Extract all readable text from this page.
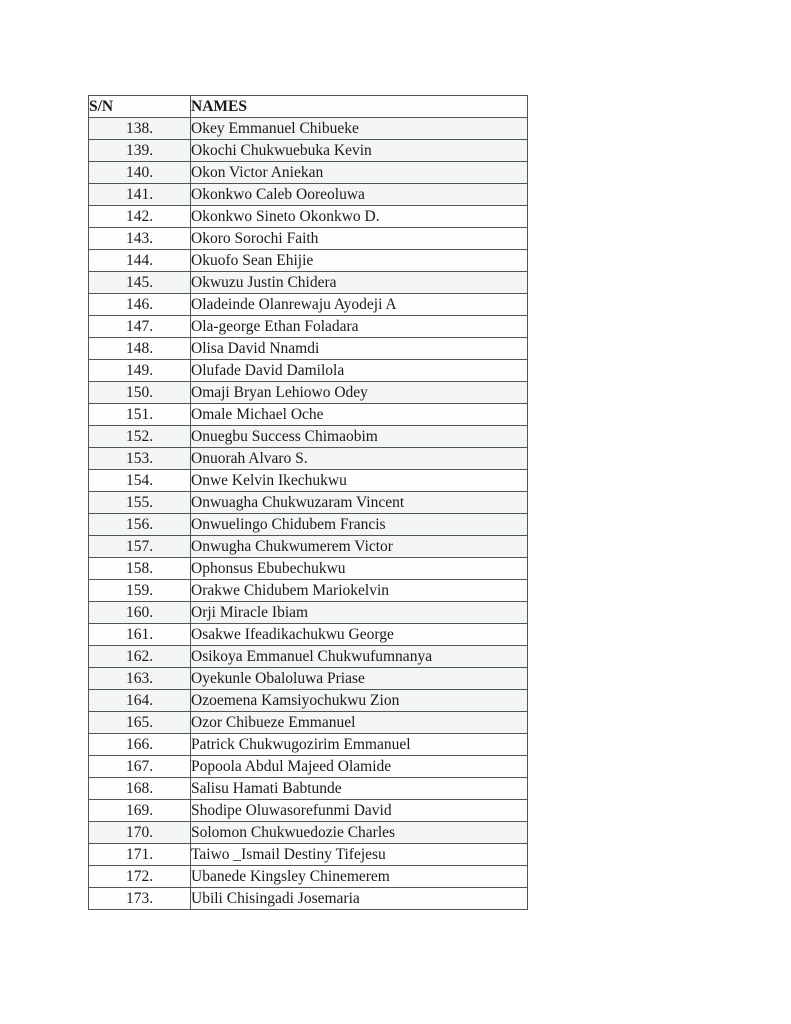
S/N	NAMES
138.	Okey Emmanuel Chibueke
139.	Okochi Chukwuebuka Kevin
140.	Okon Victor Aniekan
141.	Okonkwo Caleb Ooreoluwa
142.	Okonkwo Sineto Okonkwo D.
143.	Okoro Sorochi Faith
144.	Okuofo Sean Ehijie
145.	Okwuzu Justin Chidera
146.	Oladeinde Olanrewaju Ayodeji A
147.	Ola-george Ethan Foladara
148.	Olisa David Nnamdi
149.	Olufade David Damilola
150.	Omaji Bryan Lehiowo Odey
151.	Omale Michael Oche
152.	Onuegbu Success Chimaobim
153.	Onuorah Alvaro S.
154.	Onwe Kelvin Ikechukwu
155.	Onwuagha Chukwuzaram Vincent
156.	Onwuelingo Chidubem Francis
157.	Onwugha Chukwumerem Victor
158.	Ophonsus Ebubechukwu
159.	Orakwe Chidubem Mariokelvin
160.	Orji Miracle Ibiam
161.	Osakwe Ifeadikachukwu George
162.	Osikoya Emmanuel Chukwufumnanya
163.	Oyekunle Obaloluwa Priase
164.	Ozoemena Kamsiyochukwu Zion
165.	Ozor Chibueze Emmanuel
166.	Patrick Chukwugozirim Emmanuel
167.	Popoola Abdul Majeed Olamide
168.	Salisu Hamati Babtunde
169.	Shodipe Oluwasorefunmi David
170.	Solomon Chukwuedozie Charles
171.	Taiwo _Ismail Destiny Tifejesu
172.	Ubanede Kingsley Chinemerem
173.	Ubili Chisingadi Josemaria
